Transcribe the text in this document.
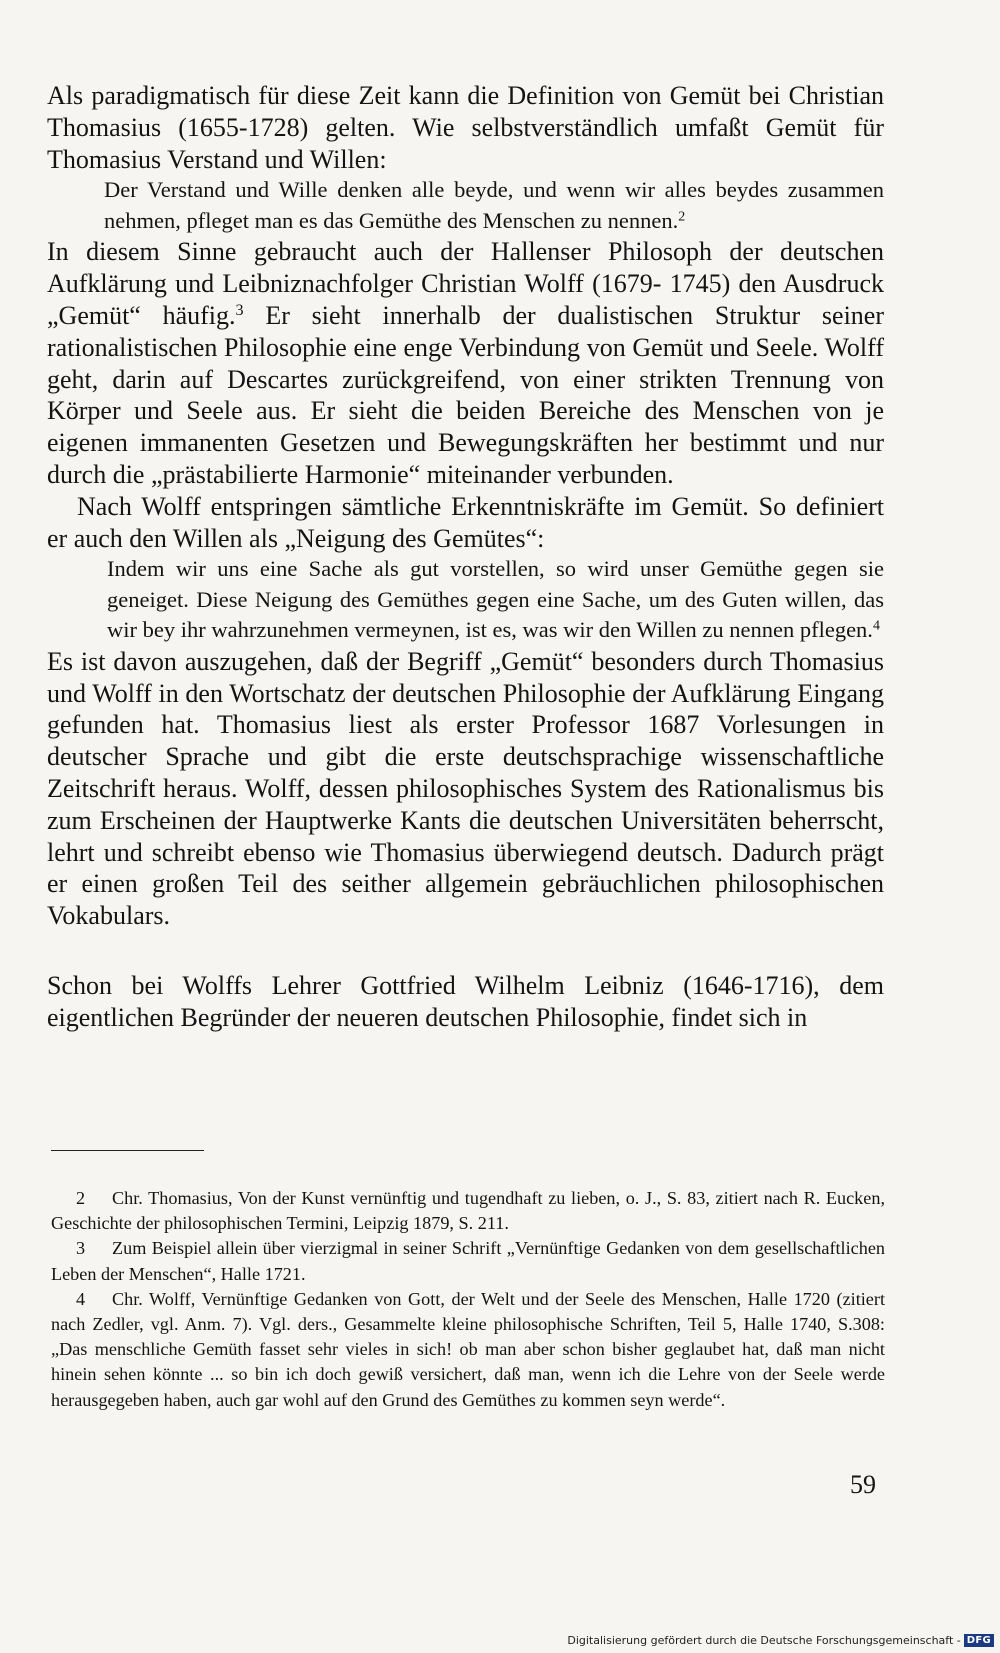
Als paradigmatisch für diese Zeit kann die Definition von Gemüt bei Christian Thomasius (1655-1728) gelten. Wie selbstverständlich umfaßt Gemüt für Thomasius Verstand und Willen:

Der Verstand und Wille denken alle beyde, und wenn wir alles beydes zusammen nehmen, pfleget man es das Gemüthe des Menschen zu nennen.$^2$

In diesem Sinne gebraucht auch der Hallenser Philosoph der deutschen Aufklärung und Leibniznachfolger Christian Wolff (1679- 1745) den Ausdruck „Gemüt“ häufig.$^3$ Er sieht innerhalb der dualistischen Struktur seiner rationalistischen Philosophie eine enge Verbindung von Gemüt und Seele. Wolff geht, darin auf Descartes zurückgreifend, von einer strikten Trennung von Körper und Seele aus. Er sieht die beiden Bereiche des Menschen von je eigenen immanenten Gesetzen und Bewegungskräften her bestimmt und nur durch die „prästabilierte Harmonie“ miteinander verbunden.

Nach Wolff entspringen sämtliche Erkenntniskräfte im Gemüt. So definiert er auch den Willen als „Neigung des Gemütes“:

Indem wir uns eine Sache als gut vorstellen, so wird unser Gemüthe gegen sie geneiget. Diese Neigung des Gemüthes gegen eine Sache, um des Guten willen, das wir bey ihr wahrzunehmen vermeynen, ist es, was wir den Willen zu nennen pflegen.$^4$

Es ist davon auszugehen, daß der Begriff „Gemüt“ besonders durch Thomasius und Wolff in den Wortschatz der deutschen Philosophie der Aufklärung Eingang gefunden hat. Thomasius liest als erster Professor 1687 Vorlesungen in deutscher Sprache und gibt die erste deutschsprachige wissenschaftliche Zeitschrift heraus. Wolff, dessen philosophisches System des Rationalismus bis zum Erscheinen der Hauptwerke Kants die deutschen Universitäten beherrscht, lehrt und schreibt ebenso wie Thomasius überwiegend deutsch. Dadurch prägt er einen großen Teil des seither allgemein gebräuchlichen philosophischen Vokabulars.

Schon bei Wolffs Lehrer Gottfried Wilhelm Leibniz (1646-1716), dem eigentlichen Begründer der neueren deutschen Philosophie, findet sich in

2 Chr. Thomasius, Von der Kunst vernünftig und tugendhaft zu lieben, o. J., S. 83, zitiert nach R. Eucken, Geschichte der philosophischen Termini, Leipzig 1879, S. 211.

3 Zum Beispiel allein über vierzigmal in seiner Schrift „Vernünftige Gedanken von dem gesellschaftlichen Leben der Menschen“, Halle 1721.

4 Chr. Wolff, Vernünftige Gedanken von Gott, der Welt und der Seele des Menschen, Halle 1720 (zitiert nach Zedler, vgl. Anm. 7). Vgl. ders., Gesammelte kleine philosophische Schriften, Teil 5, Halle 1740, S.308: „Das menschliche Gemüth fasset sehr vieles in sich! ob man aber schon bisher geglaubet hat, daß man nicht hinein sehen könnte ... so bin ich doch gewiß versichert, daß man, wenn ich die Lehre von der Seele werde herausgegeben haben, auch gar wohl auf den Grund des Gemüthes zu kommen seyn werde“.

59
Digitalisierung gefördert durch die Deutsche Forschungsgemeinschaft - DFG
